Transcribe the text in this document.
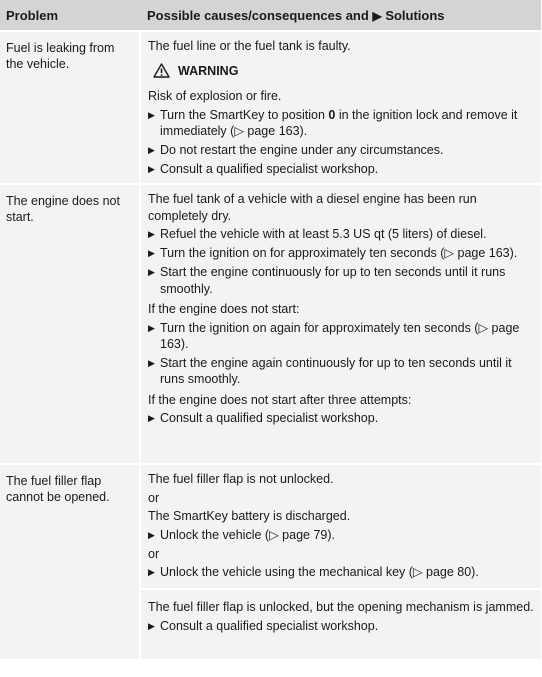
Problem	Possible causes/consequences and ▶ Solutions
Fuel is leaking from the vehicle.
The fuel line or the fuel tank is faulty.
WARNING
Risk of explosion or fire.
▶ Turn the SmartKey to position 0 in the ignition lock and remove it immediately (▷ page 163).
▶ Do not restart the engine under any circumstances.
▶ Consult a qualified specialist workshop.
The engine does not start.
The fuel tank of a vehicle with a diesel engine has been run completely dry.
▶ Refuel the vehicle with at least 5.3 US qt (5 liters) of diesel.
▶ Turn the ignition on for approximately ten seconds (▷ page 163).
▶ Start the engine continuously for up to ten seconds until it runs smoothly.
If the engine does not start:
▶ Turn the ignition on again for approximately ten seconds (▷ page 163).
▶ Start the engine again continuously for up to ten seconds until it runs smoothly.
If the engine does not start after three attempts:
▶ Consult a qualified specialist workshop.
The fuel filler flap cannot be opened.
The fuel filler flap is not unlocked.
or
The SmartKey battery is discharged.
▶ Unlock the vehicle (▷ page 79).
or
▶ Unlock the vehicle using the mechanical key (▷ page 80).
The fuel filler flap is unlocked, but the opening mechanism is jammed.
▶ Consult a qualified specialist workshop.
